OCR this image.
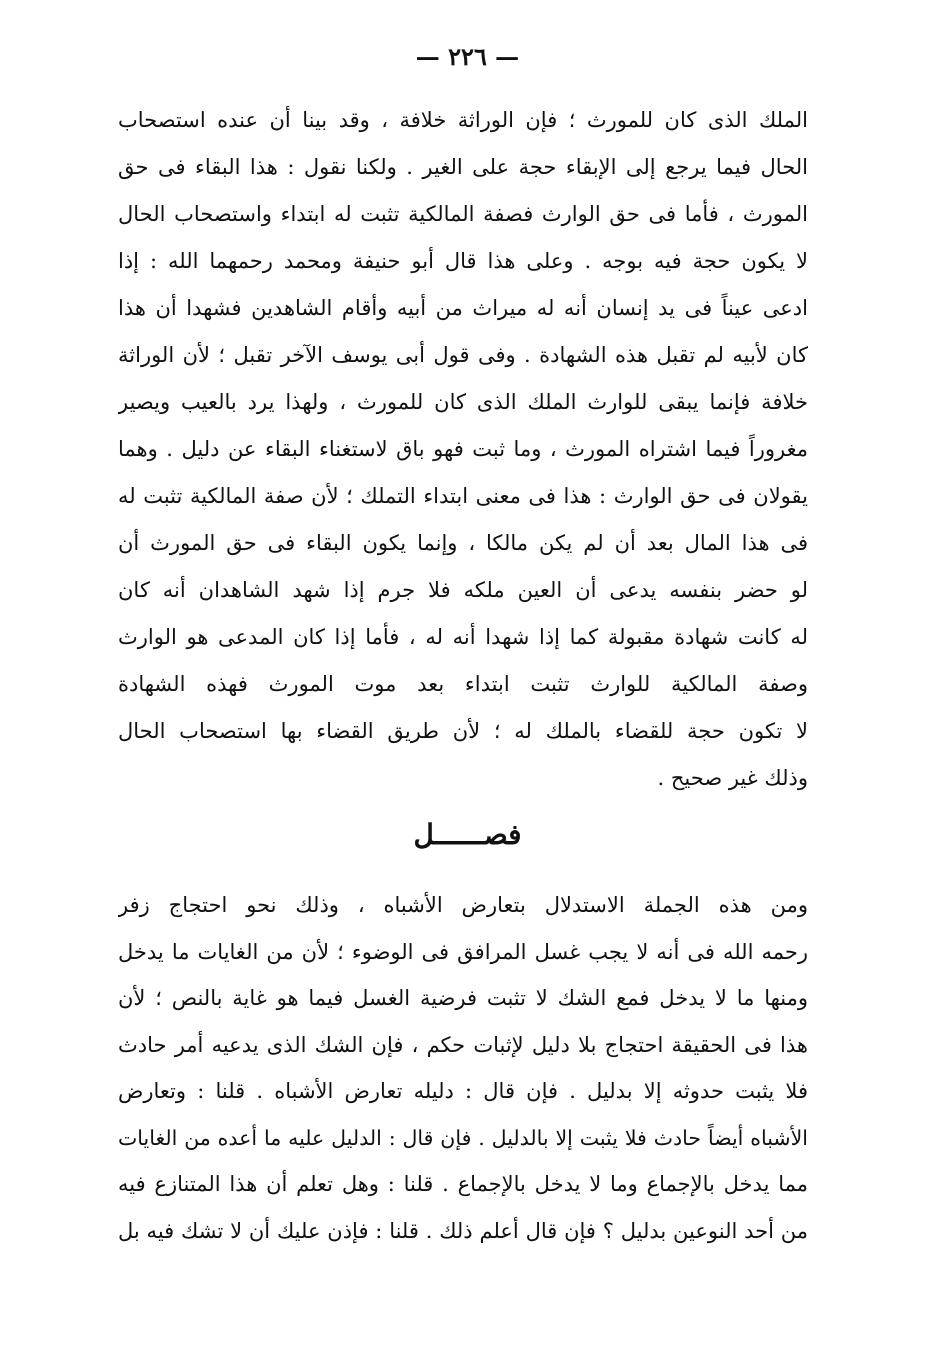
— ٢٢٦ —
الملك الذى كان للمورث ؛ فإن الوراثة خلافة ، وقد بينا أن عنده استصحاب
الحال فيما يرجع إلى الإبقاء حجة على الغير . ولكنا نقول : هذا البقاء فى حق
المورث ، فأما فى حق الوارث فصفة المالكية تثبت له ابتداء واستصحاب الحال
لا يكون حجة فيه بوجه . وعلى هذا قال أبو حنيفة ومحمد رحمهما الله : إذا
ادعى عيناً فى يد إنسان أنه له ميراث من أبيه وأقام الشاهدين فشهدا أن هذا
كان لأبيه لم تقبل هذه الشهادة . وفى قول أبى يوسف الآخر تقبل ؛ لأن الوراثة
خلافة فإنما يبقى للوارث الملك الذى كان للمورث ، ولهذا يرد بالعيب ويصير
مغروراً فيما اشتراه المورث ، وما ثبت فهو باق لاستغناء البقاء عن دليل . وهما
يقولان فى حق الوارث : هذا فى معنى ابتداء التملك ؛ لأن صفة المالكية تثبت له
فى هذا المال بعد أن لم يكن مالكا ، وإنما يكون البقاء فى حق المورث أن
لو حضر بنفسه يدعى أن العين ملكه فلا جرم إذا شهد الشاهدان أنه كان
له كانت شهادة مقبولة كما إذا شهدا أنه له ، فأما إذا كان المدعى هو الوارث
وصفة المالكية للوارث تثبت ابتداء بعد موت المورث فهذه الشهادة
لا تكون حجة للقضاء بالملك له ؛ لأن طريق القضاء بها استصحاب الحال
وذلك غير صحيح .
فصــــــل
ومن هذه الجملة الاستدلال بتعارض الأشباه ، وذلك نحو احتجاج زفر
رحمه الله فى أنه لا يجب غسل المرافق فى الوضوء ؛ لأن من الغايات ما يدخل
ومنها ما لا يدخل فمع الشك لا تثبت فرضية الغسل فيما هو غاية بالنص ؛ لأن
هذا فى الحقيقة احتجاج بلا دليل لإثبات حكم ، فإن الشك الذى يدعيه أمر حادث
فلا يثبت حدوثه إلا بدليل . فإن قال : دليله تعارض الأشباه . قلنا : وتعارض
الأشباه أيضاً حادث فلا يثبت إلا بالدليل . فإن قال : الدليل عليه ما أعده من الغايات
مما يدخل بالإجماع وما لا يدخل بالإجماع . قلنا : وهل تعلم أن هذا المتنازع فيه
من أحد النوعين بدليل ؟ فإن قال أعلم ذلك . قلنا : فإذن عليك أن لا تشك فيه بل
